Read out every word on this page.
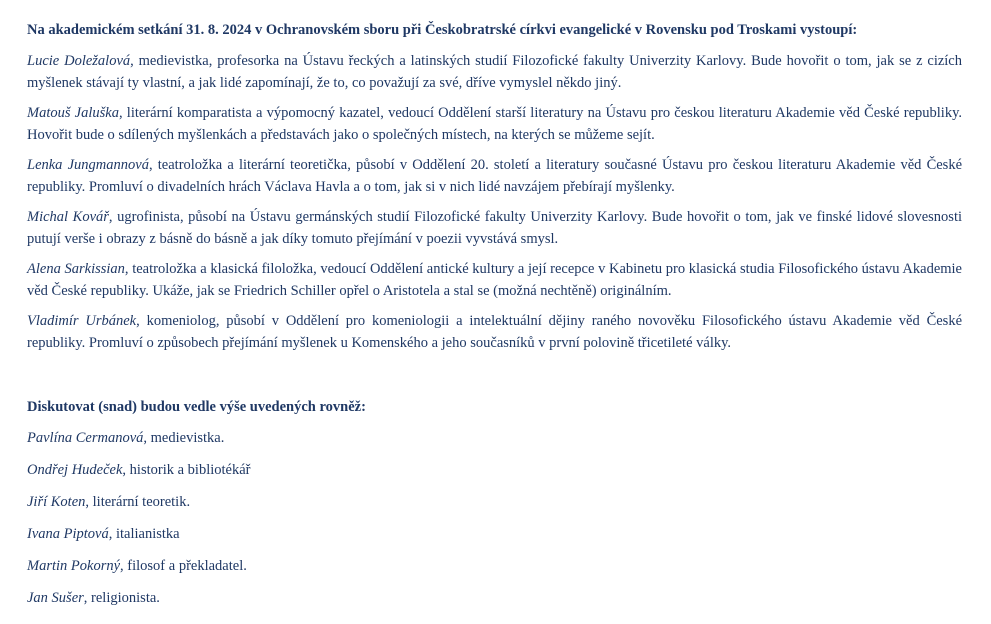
Na akademickém setkání 31. 8. 2024 v Ochranovském sboru při Českobratrské církvi evangelické v Rovensku pod Troskami vystoupí:
Lucie Doležalová, medievistka, profesorka na Ústavu řeckých a latinských studií Filozofické fakulty Univerzity Karlovy. Bude hovořit o tom, jak se z cizích myšlenek stávají ty vlastní, a jak lidé zapomínají, že to, co považují za své, dříve vymyslel někdo jiný.
Matouš Jaluška, literární komparatista a výpomocný kazatel, vedoucí Oddělení starší literatury na Ústavu pro českou literaturu Akademie věd České republiky. Hovořit bude o sdílených myšlenkách a představách jako o společných místech, na kterých se můžeme sejít.
Lenka Jungmannová, teatroložka a literární teoretička, působí v Oddělení 20. století a literatury současné Ústavu pro českou literaturu Akademie věd České republiky. Promluví o divadelních hrách Václava Havla a o tom, jak si v nich lidé navzájem přebírají myšlenky.
Michal Kovář, ugrofinista, působí na Ústavu germánských studií Filozofické fakulty Univerzity Karlovy. Bude hovořit o tom, jak ve finské lidové slovesnosti putují verše i obrazy z básně do básně a jak díky tomuto přejímání v poezii vyvstává smysl.
Alena Sarkissian, teatroložka a klasická filoložka, vedoucí Oddělení antické kultury a její recepce v Kabinetu pro klasická studia Filosofického ústavu Akademie věd České republiky. Ukáže, jak se Friedrich Schiller opřel o Aristotela a stal se (možná nechtěně) originálním.
Vladimír Urbánek, komeniolog, působí v Oddělení pro komeniologii a intelektuální dějiny raného novověku Filosofického ústavu Akademie věd České republiky. Promluví o způsobech přejímání myšlenek u Komenského a jeho současníků v první polovině třicetileté války.
Diskutovat (snad) budou vedle výše uvedených rovněž:
Pavlína Cermanová, medievistka.
Ondřej Hudeček, historik a bibliotékář
Jiří Koten, literární teoretik.
Ivana Piptová, italianistka
Martin Pokorný, filosof a překladatel.
Jan Sušer, religionista.
